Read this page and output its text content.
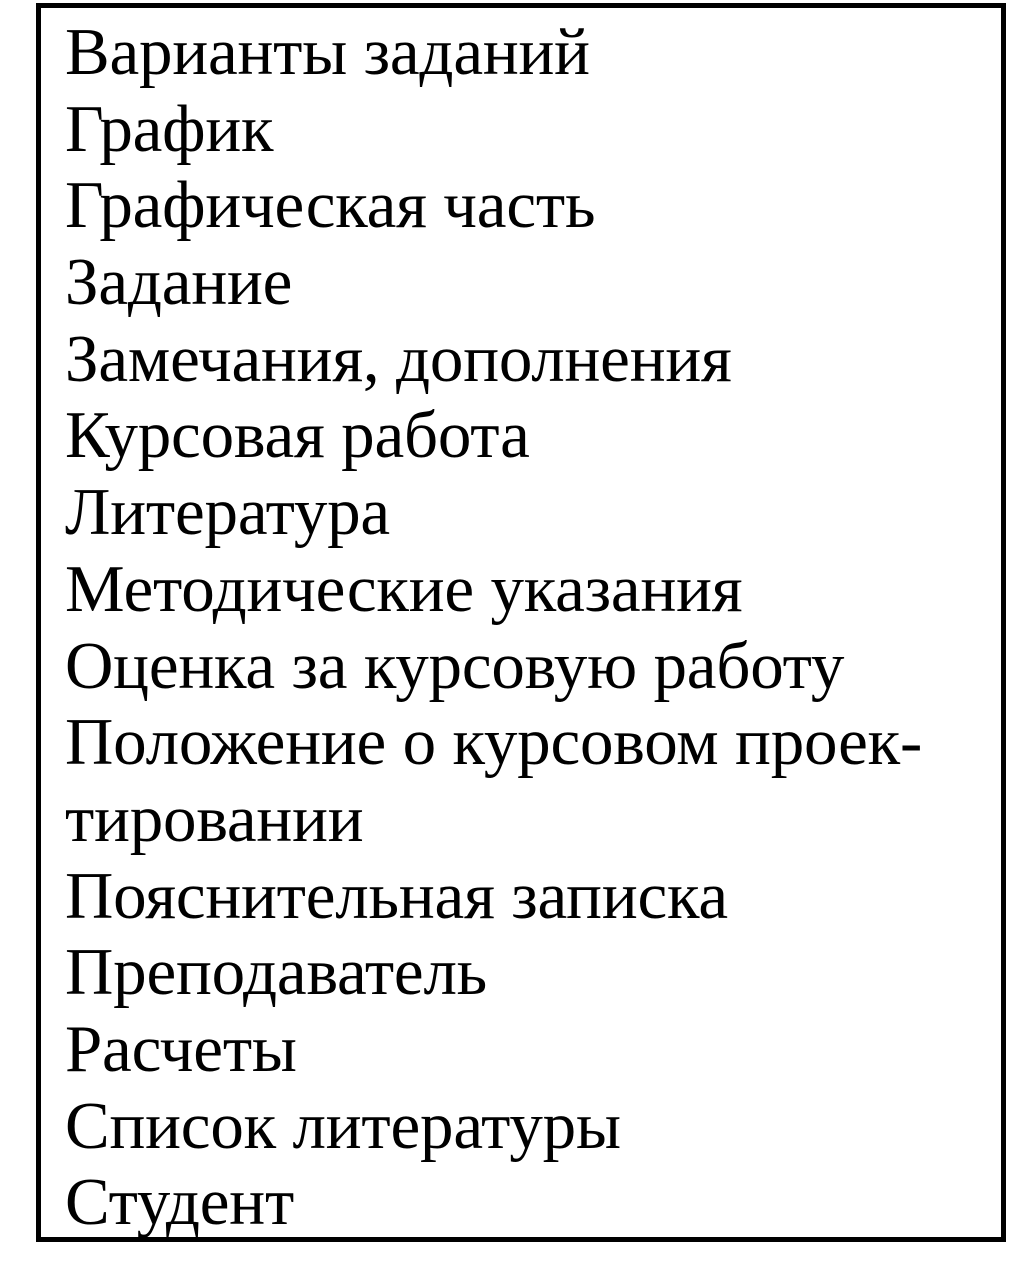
Варианты заданий
График
Графическая часть
Задание
Замечания, дополнения
Курсовая работа
Литература
Методические указания
Оценка за курсовую работу
Положение о курсовом проек-
тировании
Пояснительная записка
Преподаватель
Расчеты
Список литературы
Студент
